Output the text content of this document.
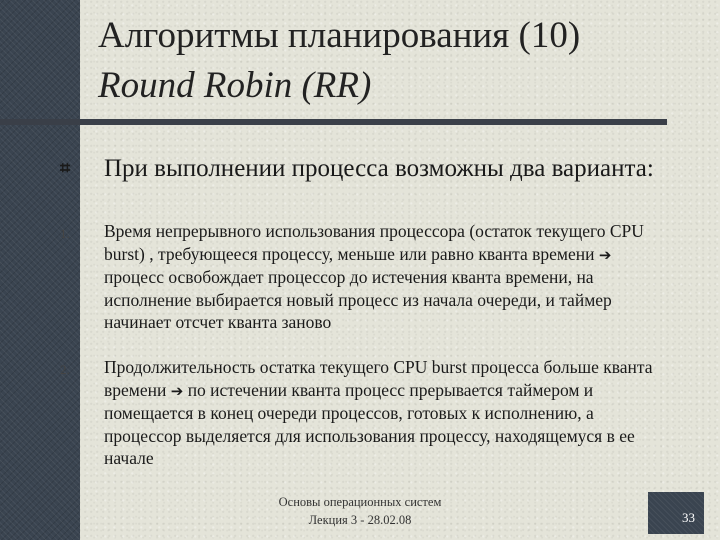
Алгоритмы планирования (10)
Round Robin (RR)
⌗ При выполнении процесса возможны два варианта:
1. Время непрерывного использования процессора (остаток текущего CPU burst) , требующееся процессу, меньше или равно кванта времени ➔ процесс освобождает процессор до истечения кванта времени, на исполнение выбирается новый процесс из начала очереди, и таймер начинает отсчет кванта заново
2. Продолжительность остатка текущего CPU burst процесса больше кванта времени ➔ по истечении кванта процесс прерывается таймером и помещается в конец очереди процессов, готовых к исполнению, а процессор выделяется для использования процессу, находящемуся в ее начале
Основы операционных систем
Лекция 3 - 28.02.08	33
